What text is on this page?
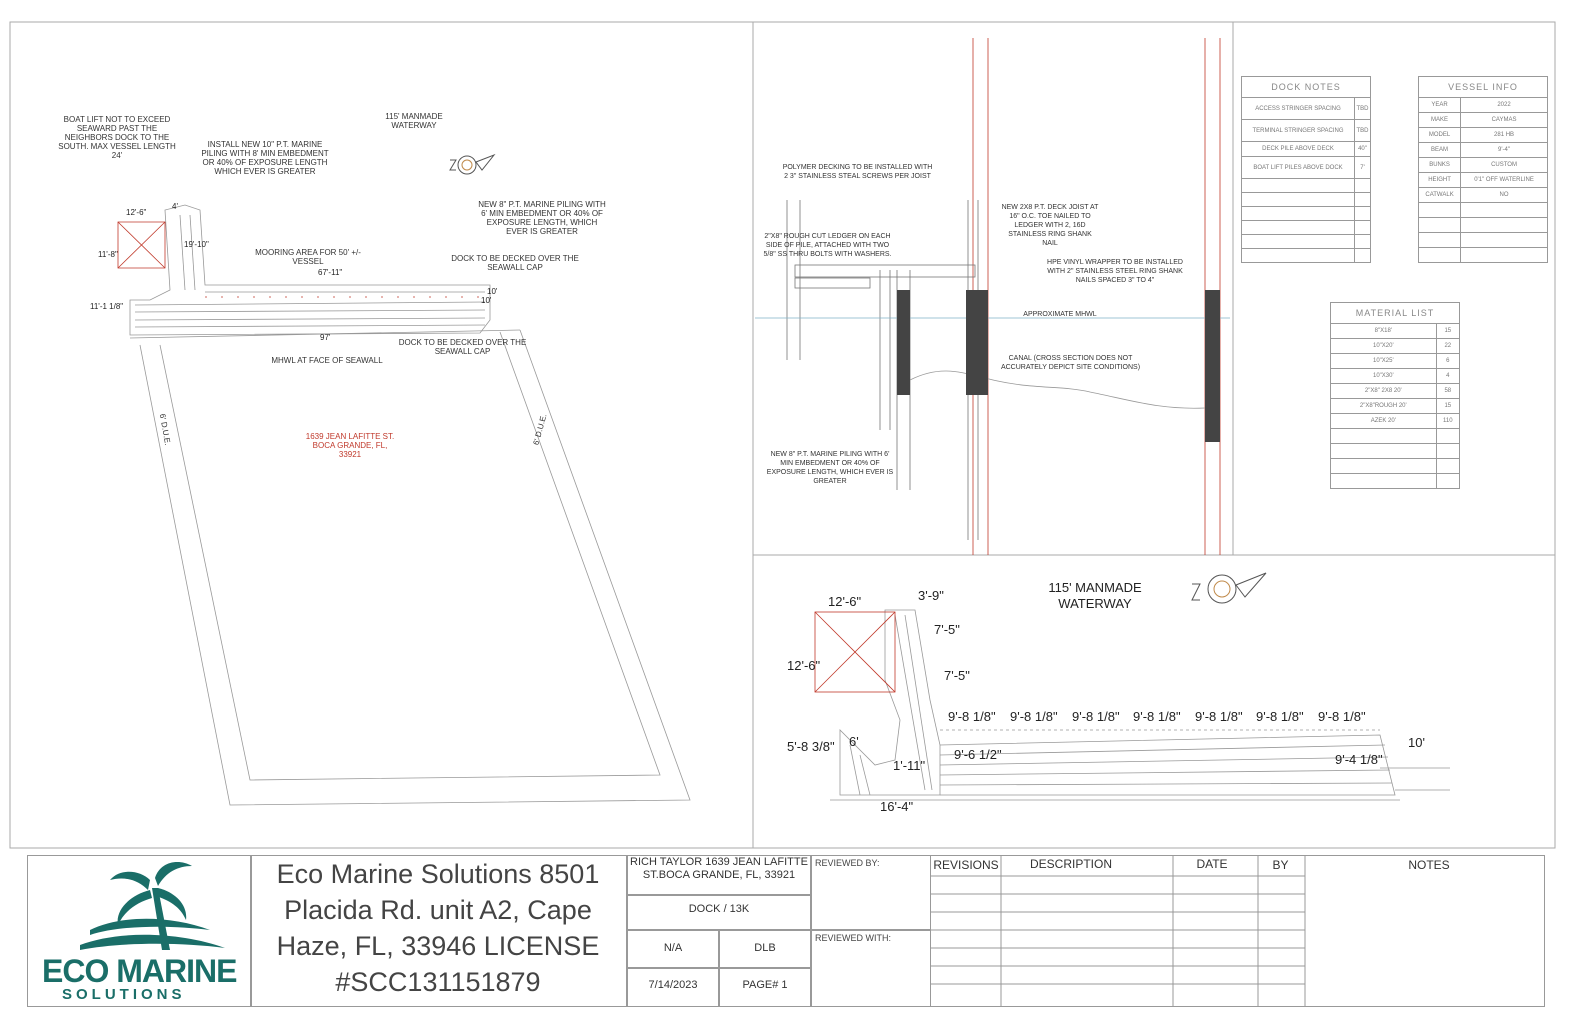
115' MANMADE WATERWAY
BOAT LIFT NOT TO EXCEED SEAWARD PAST THE NEIGHBORS DOCK TO THE SOUTH. MAX VESSEL LENGTH 24'
INSTALL NEW 10" P.T. MARINE PILING WITH 8' MIN EMBEDMENT OR 40% OF EXPOSURE LENGTH WHICH EVER IS GREATER
NEW 8" P.T. MARINE PILING WITH 6' MIN EMBEDMENT OR 40% OF EXPOSURE LENGTH, WHICH EVER IS GREATER
MOORING AREA FOR 50' +/- VESSEL	DOCK TO BE DECKED OVER THE SEAWALL CAP
DOCK TO BE DECKED OVER THE SEAWALL CAP
MHWL AT FACE OF SEAWALL
1639 JEAN LAFITTE ST. BOCA GRANDE, FL, 33921
6' D.U.E.	6' D.U.E.
12'-6"
4'
11'-8"
19'-10"
67'-11"
11'-1 1/8"
10'
10'
97'
POLYMER DECKING TO BE INSTALLED WITH 2 3" STAINLESS STEAL SCREWS PER JOIST
2"X8" ROUGH CUT LEDGER ON EACH SIDE OF PILE, ATTACHED WITH TWO 5/8" SS THRU BOLTS WITH WASHERS.
NEW 2X8 P.T. DECK JOIST AT 16" O.C. TOE NAILED TO LEDGER WITH 2, 16D STAINLESS RING SHANK NAIL
HPE VINYL WRAPPER TO BE INSTALLED WITH 2" STAINLESS STEEL RING SHANK NAILS SPACED 3" TO 4"
APPROXIMATE MHWL
CANAL (CROSS SECTION DOES NOT ACCURATELY DEPICT SITE CONDITIONS)
NEW 8" P.T. MARINE PILING WITH 6' MIN EMBEDMENT OR 40% OF EXPOSURE LENGTH, WHICH EVER IS GREATER
DOCK NOTES	
ACCESS STRINGER SPACING	TBD
TERMINAL STRINGER SPACING	TBD
DECK PILE ABOVE DECK	40"
BOAT LIFT PILES ABOVE DOCK	7'

VESSEL INFO	
YEAR	2022
MAKE	CAYMAS
MODEL	281 HB
BEAM	9'-4"
BUNKS	CUSTOM
HEIGHT	0'1" OFF WATERLINE
CATWALK	NO

MATERIAL LIST	
8"X18'	15
10"X20'	22
10"X25'	6
10"X30'	4
2"X8" 2X8 20'	58
2"X8"ROUGH 20'	15
AZEK 20'	110

115' MANMADE
WATERWAY
12'-6"	3'-9"
7'-5"
7'-5"
12'-6"
5'-8 3/8" 6'
1'-11"
9'-6 1/2"
16'-4"
9'-4 1/8"
10'
9'-8 1/8" 9'-8 1/8" 9'-8 1/8" 9'-8 1/8" 9'-8 1/8" 9'-8 1/8" 9'-8 1/8"
ECO MARINE
SOLUTIONS
Eco Marine Solutions 8501 Placida Rd. unit A2, Cape Haze, FL, 33946 LICENSE #SCC131151879
RICH TAYLOR 1639 JEAN LAFITTE ST.BOCA GRANDE, FL, 33921
DOCK / 13K
N/A	DLB
7/14/2023	PAGE# 1
REVIEWED BY:
REVIEWED WITH:
REVISIONS	DESCRIPTION	DATE	BY	NOTES
